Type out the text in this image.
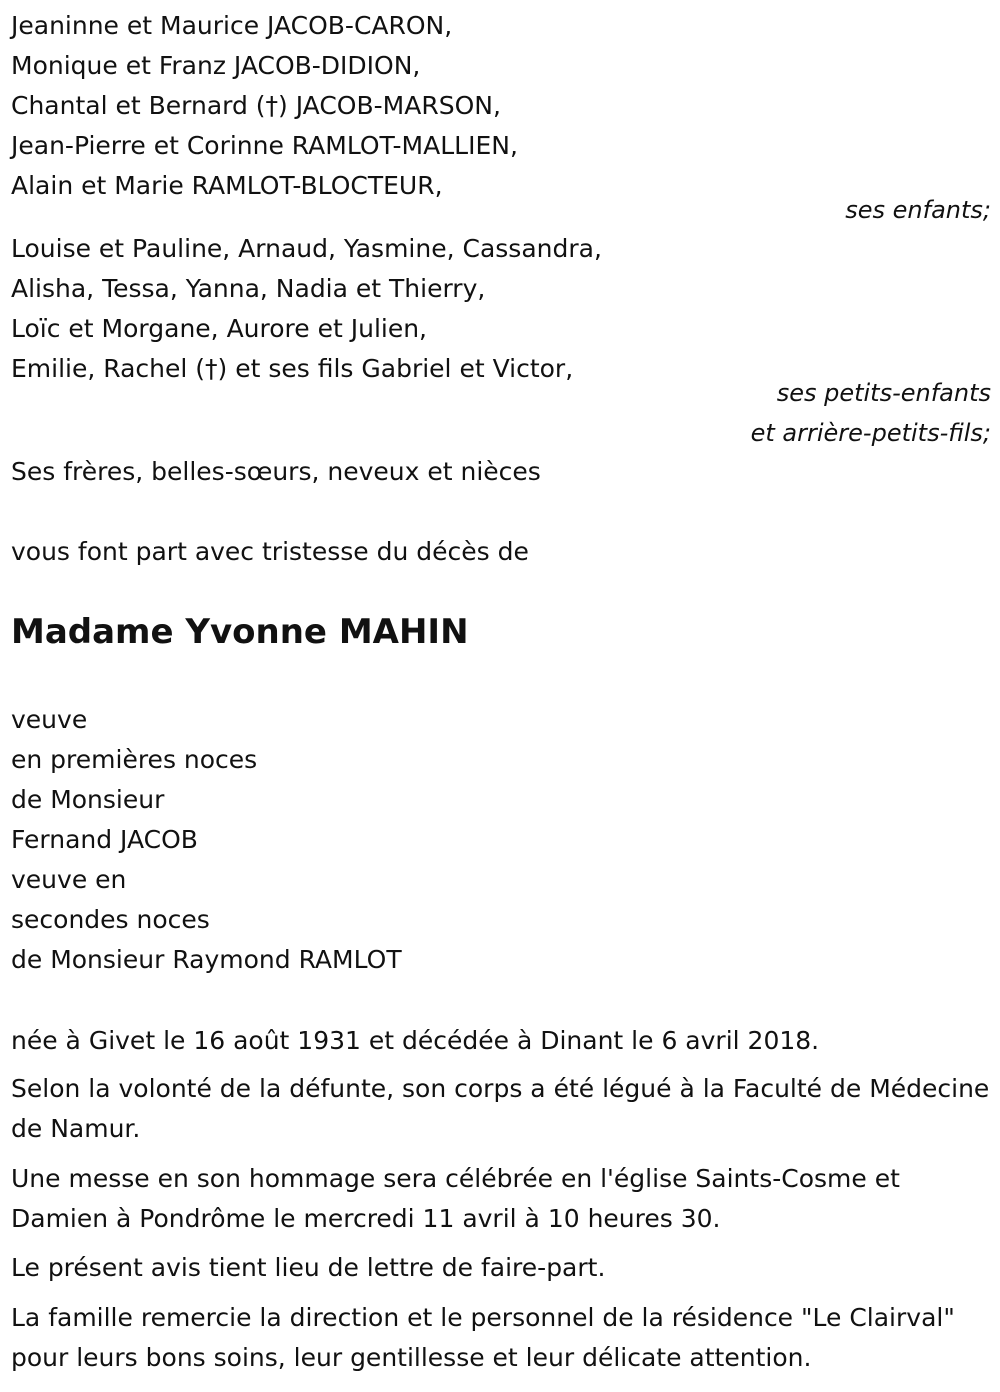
Jeaninne et Maurice JACOB-CARON,
Monique et Franz JACOB-DIDION,
Chantal et Bernard (†) JACOB-MARSON,
Jean-Pierre et Corinne RAMLOT-MALLIEN,
Alain et Marie RAMLOT-BLOCTEUR,
ses enfants;
Louise et Pauline, Arnaud, Yasmine, Cassandra,
Alisha, Tessa, Yanna, Nadia et Thierry,
Loïc et Morgane, Aurore et Julien,
Emilie, Rachel (†) et ses fils Gabriel et Victor,
ses petits-enfants
et arrière-petits-fils;
Ses frères, belles-sœurs, neveux et nièces
vous font part avec tristesse du décès de
Madame Yvonne MAHIN
veuve
en premières noces
de Monsieur
Fernand JACOB
veuve en
secondes noces
de Monsieur Raymond RAMLOT
née à Givet le 16 août 1931 et décédée à Dinant le 6 avril 2018.
Selon la volonté de la défunte, son corps a été légué à la Faculté de Médecine de Namur.
Une messe en son hommage sera célébrée en l'église Saints-Cosme et Damien à Pondrôme le mercredi 11 avril à 10 heures 30.
Le présent avis tient lieu de lettre de faire-part.
La famille remercie la direction et le personnel de la résidence "Le Clairval" pour leurs bons soins, leur gentillesse et leur délicate attention.
